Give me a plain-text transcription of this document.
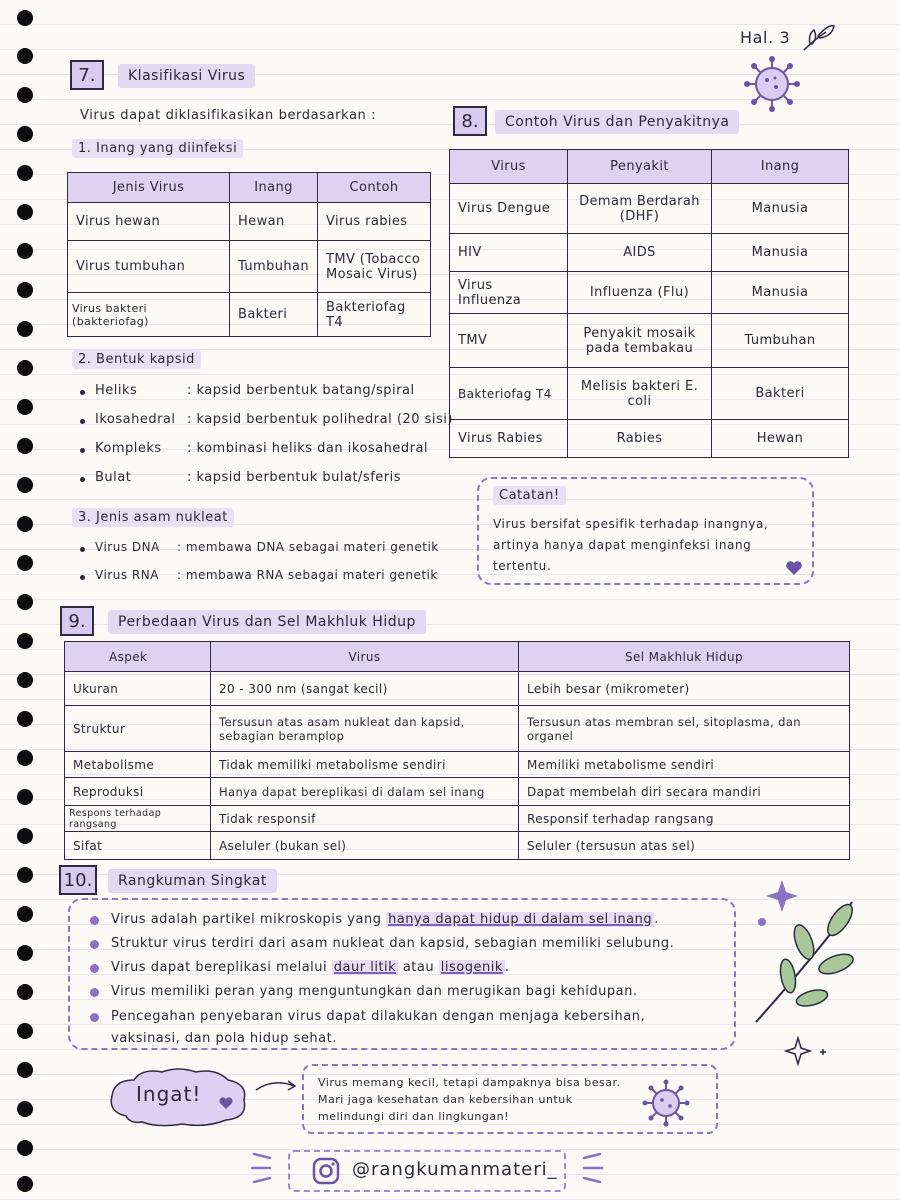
Hal. 3
7.	Klasifikasi Virus
Virus dapat diklasifikasikan berdasarkan :
1. Inang yang diinfeksi
Jenis Virus	Inang	Contoh
Virus hewan	Hewan	Virus rabies
Virus tumbuhan	Tumbuhan	TMV (Tobacco Mosaic Virus)
Virus bakteri (bakteriofag)	Bakteri	Bakteriofag T4
2. Bentuk kapsid
Heliks	: kapsid berbentuk batang/spiral
Ikosahedral : kapsid berbentuk polihedral (20 sisi)
Kompleks	: kombinasi heliks dan ikosahedral
Bulat	: kapsid berbentuk bulat/sferis
3. Jenis asam nukleat
Virus DNA	: membawa DNA sebagai materi genetik
Virus RNA	: membawa RNA sebagai materi genetik
8.	Contoh Virus dan Penyakitnya
Virus	Penyakit	Inang
Virus Dengue	Demam Berdarah (DHF)	Manusia
HIV	AIDS	Manusia
Virus Influenza	Influenza (Flu)	Manusia
TMV	Penyakit mosaik pada tembakau	Tumbuhan
Bakteriofag T4	Melisis bakteri E. coli	Bakteri
Virus Rabies	Rabies	Hewan
Catatan!
Virus bersifat spesifik terhadap inangnya, artinya hanya dapat menginfeksi inang tertentu.
9.	Perbedaan Virus dan Sel Makhluk Hidup
Aspek	Virus	Sel Makhluk Hidup
Ukuran	20 - 300 nm (sangat kecil)	Lebih besar (mikrometer)
Struktur	Tersusun atas asam nukleat dan kapsid, sebagian beramplop	Tersusun atas membran sel, sitoplasma, dan organel
Metabolisme	Tidak memiliki metabolisme sendiri	Memiliki metabolisme sendiri
Reproduksi	Hanya dapat bereplikasi di dalam sel inang	Dapat membelah diri secara mandiri
Respons terhadap rangsang	Tidak responsif	Responsif terhadap rangsang
Sifat	Aseluler (bukan sel)	Seluler (tersusun atas sel)
10.	Rangkuman Singkat
Virus adalah partikel mikroskopis yang hanya dapat hidup di dalam sel inang .
Struktur virus terdiri dari asam nukleat dan kapsid, sebagian memiliki selubung.
Virus dapat bereplikasi melalui daur litik atau lisogenik .
Virus memiliki peran yang menguntungkan dan merugikan bagi kehidupan.
Pencegahan penyebaran virus dapat dilakukan dengan menjaga kebersihan, vaksinasi, dan pola hidup sehat.
Ingat!	Virus memang kecil, tetapi dampaknya bisa besar. Mari jaga kesehatan dan kebersihan untuk melindungi diri dan lingkungan!
@rangkumanmateri_
